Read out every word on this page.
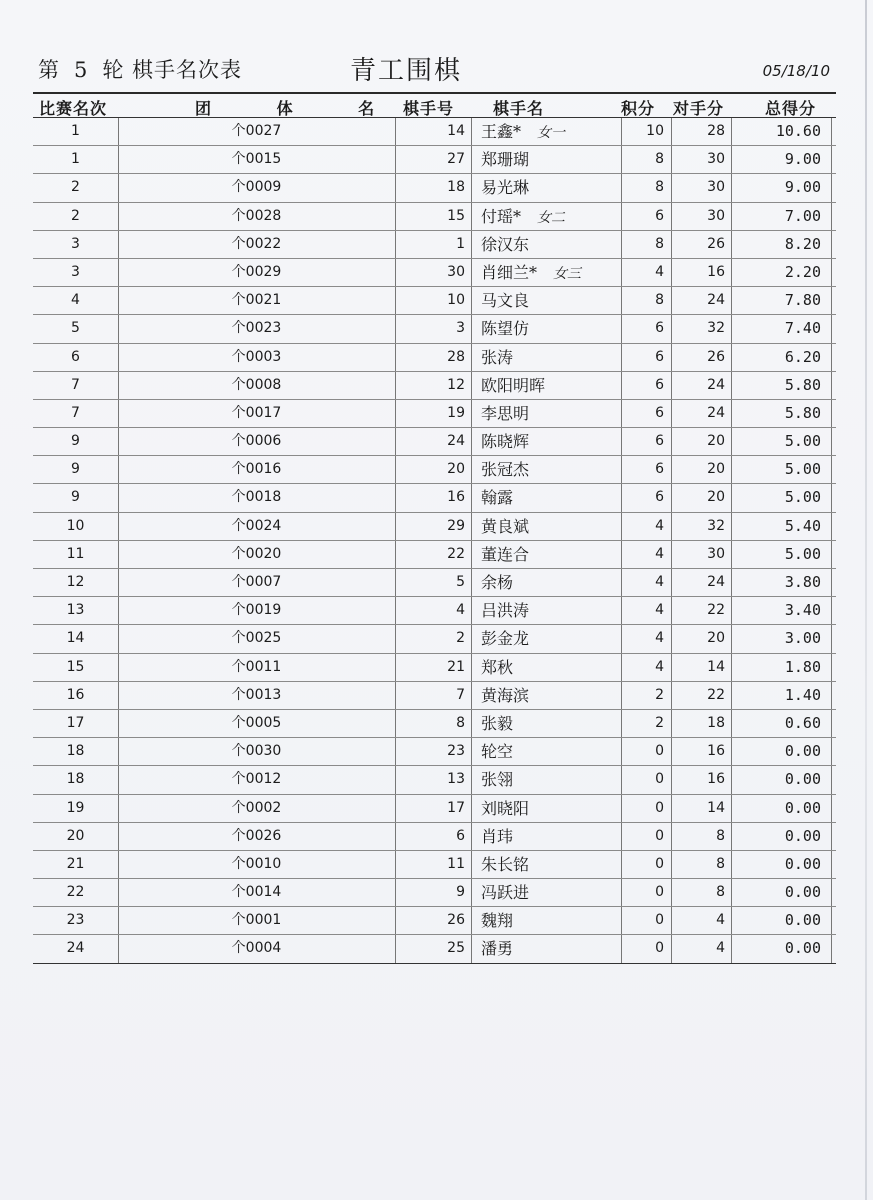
第 5 轮 棋手名次表	青工围棋	05/18/10
比赛名次	团 体 名
棋手号 棋手名	积分 对手分	总得分
1	个0027	14 王鑫* 女一	10	28	10.60
1	个0015	27 郑珊瑚	8	30	9.00
2	个0009	18 易光琳	8	30	9.00
2	个0028	15 付瑶* 女二	6	30	7.00
3	个0022	1 徐汉东	8	26	8.20
3	个0029	30 肖细兰* 女三	4	16	2.20
4	个0021	10 马文良	8	24	7.80
5	个0023	3 陈望仿	6	32	7.40
6	个0003	28 张涛	6	26	6.20
7	个0008	12 欧阳明晖	6	24	5.80
7	个0017	19 李思明	6	24	5.80
9	个0006	24 陈晓辉	6	20	5.00
9	个0016	20 张冠杰	6	20	5.00
9	个0018	16 翰露	6	20	5.00
10	个0024	29 黄良斌	4	32	5.40
11	个0020	22 董连合	4	30	5.00
12	个0007	5 余杨	4	24	3.80
13	个0019	4 吕洪涛	4	22	3.40
14	个0025	2 彭金龙	4	20	3.00
15	个0011	21 郑秋	4	14	1.80
16	个0013	7 黄海滨	2	22	1.40
17	个0005	8 张毅	2	18	0.60
18	个0030	23 轮空	0	16	0.00
18	个0012	13 张翎	0	16	0.00
19	个0002	17 刘晓阳	0	14	0.00
20	个0026	6 肖玮	0	8	0.00
21	个0010	11 朱长铭	0	8	0.00
22	个0014	9 冯跃进	0	8	0.00
23	个0001	26 魏翔	0	4	0.00
24	个0004	25 潘勇	0	4	0.00
